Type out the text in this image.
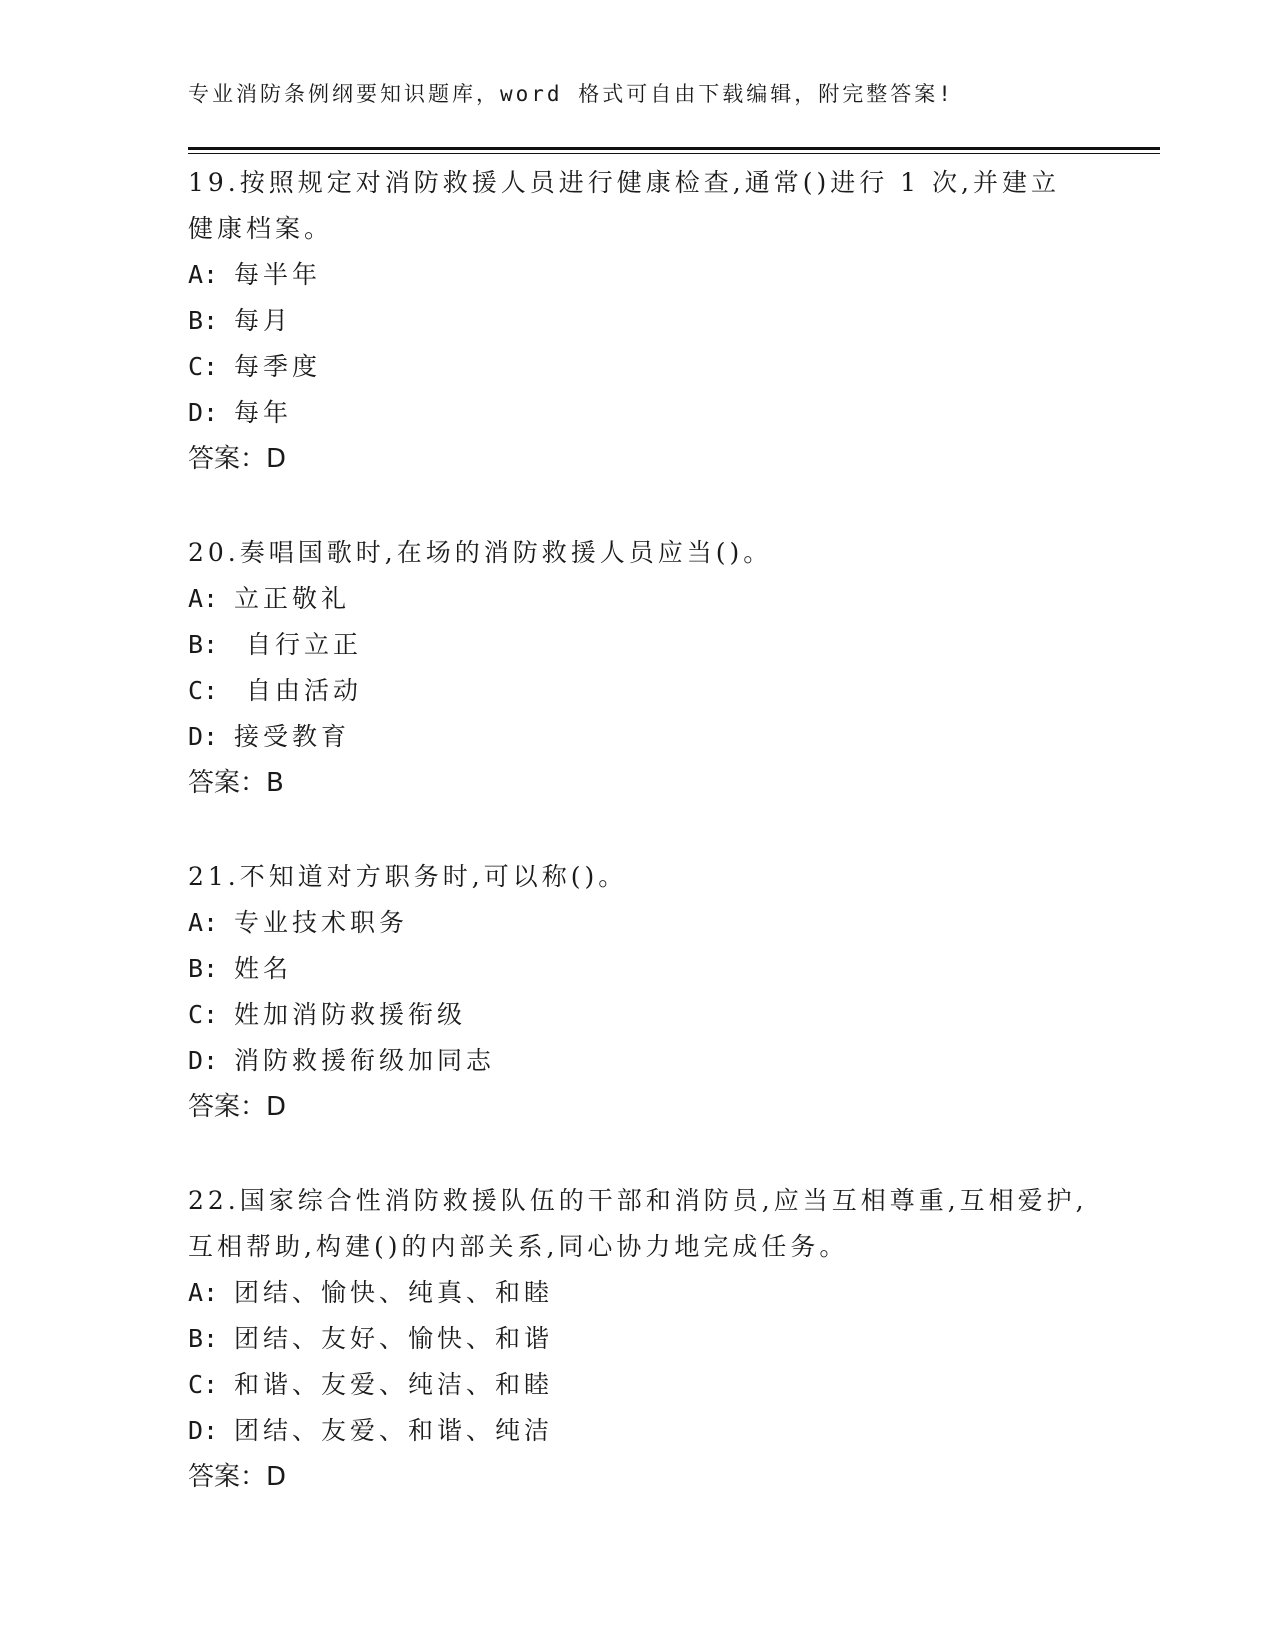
专业消防条例纲要知识题库，word 格式可自由下载编辑，附完整答案!

19.按照规定对消防救援人员进行健康检查,通常()进行 1 次,并建立健康档案。

A: 每半年

B: 每月

C: 每季度

D: 每年

答案：D

20.奏唱国歌时,在场的消防救援人员应当()。

A: 立正敬礼

B: 自行立正

C: 自由活动

D: 接受教育

答案：B

21.不知道对方职务时,可以称()。

A: 专业技术职务

B: 姓名

C: 姓加消防救援衔级

D: 消防救援衔级加同志

答案：D

22.国家综合性消防救援队伍的干部和消防员,应当互相尊重,互相爱护,互相帮助,构建()的内部关系,同心协力地完成任务。

A: 团结、愉快、纯真、和睦

B: 团结、友好、愉快、和谐

C: 和谐、友爱、纯洁、和睦

D: 团结、友爱、和谐、纯洁

答案：D
